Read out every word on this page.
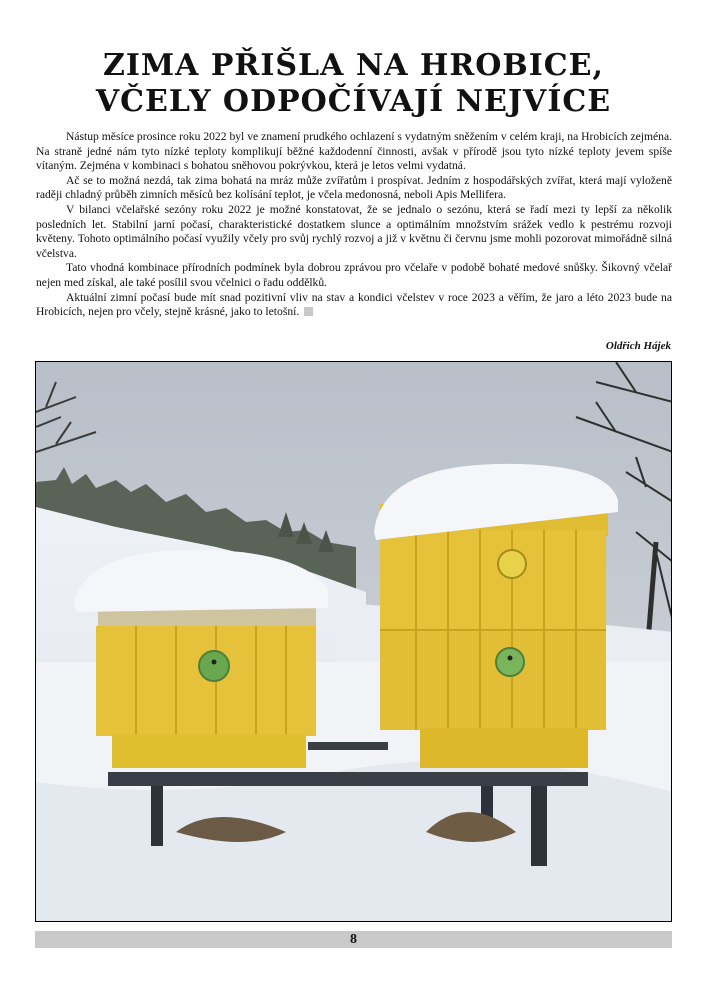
ZIMA PŘIŠLA NA HROBICE,
VČELY ODPOČÍVAJÍ NEJVÍCE

Nástup měsíce prosince roku 2022 byl ve znamení prudkého ochlazení s vydatným sněžením v celém kraji, na Hrobicích zejména. Na straně jedné nám tyto nízké teploty komplikují běžné každodenní činnosti, avšak v přírodě jsou tyto nízké teploty jevem spíše vítaným. Zejména v kombinaci s bohatou sněhovou pokrývkou, která je letos velmi vydatná.

Ač se to možná nezdá, tak zima bohatá na mráz může zvířatům i prospívat. Jedním z hospodářských zvířat, která mají vyloženě raději chladný průběh zimních měsíců bez kolísání teplot, je včela medonosná, neboli Apis Mellifera.

V bilanci včelařské sezóny roku 2022 je možné konstatovat, že se jednalo o sezónu, která se řadí mezi ty lepší za několik posledních let. Stabilní jarní počasí, charakteristické dostatkem slunce a optimálním množstvím srážek vedlo k pestrému rozvoji květeny. Tohoto optimálního počasí využily včely pro svůj rychlý rozvoj a již v květnu či červnu jsme mohli pozorovat mimořádně silná včelstva.

Tato vhodná kombinace přírodních podmínek byla dobrou zprávou pro včelaře v podobě bohaté medové snůšky. Šikovný včelař nejen med získal, ale také posílil svou včelnici o řadu oddělků.

Aktuální zimní počasí bude mít snad pozitivní vliv na stav a kondici včelstev v roce 2023 a věřím, že jaro a léto 2023 bude na Hrobicích, nejen pro včely, stejně krásné, jako to letošní.

Oldřich Hájek
8
